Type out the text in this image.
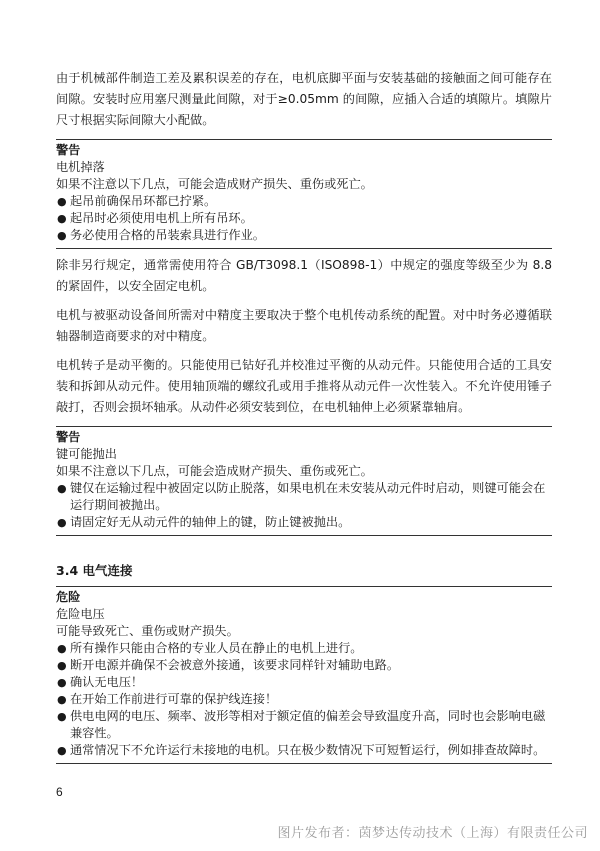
由于机械部件制造工差及累积误差的存在，电机底脚平面与安装基础的接触面之间可能存在间隙。安装时应用塞尺测量此间隙，对于≥0.05mm 的间隙，应插入合适的填隙片。填隙片尺寸根据实际间隙大小配做。

警告
电机掉落
如果不注意以下几点，可能会造成财产损失、重伤或死亡。
● 起吊前确保吊环都已拧紧。
● 起吊时必须使用电机上所有吊环。
● 务必使用合格的吊装索具进行作业。

除非另行规定，通常需使用符合 GB/T3098.1（ISO898-1）中规定的强度等级至少为 8.8 的紧固件，以安全固定电机。

电机与被驱动设备间所需对中精度主要取决于整个电机传动系统的配置。对中时务必遵循联轴器制造商要求的对中精度。

电机转子是动平衡的。只能使用已钻好孔并校准过平衡的从动元件。只能使用合适的工具安装和拆卸从动元件。使用轴顶端的螺纹孔或用手推将从动元件一次性装入。不允许使用锤子敲打，否则会损坏轴承。从动件必须安装到位，在电机轴伸上必须紧靠轴肩。

警告
键可能抛出
如果不注意以下几点，可能会造成财产损失、重伤或死亡。
● 键仅在运输过程中被固定以防止脱落，如果电机在未安装从动元件时启动，则键可能会在运行期间被抛出。
● 请固定好无从动元件的轴伸上的键，防止键被抛出。
3.4 电气连接
危险
危险电压
可能导致死亡、重伤或财产损失。
● 所有操作只能由合格的专业人员在静止的电机上进行。
● 断开电源并确保不会被意外接通，该要求同样针对辅助电路。
● 确认无电压！
● 在开始工作前进行可靠的保护线连接！
● 供电电网的电压、频率、波形等相对于额定值的偏差会导致温度升高，同时也会影响电磁兼容性。
● 通常情况下不允许运行未接地的电机。只在极少数情况下可短暂运行，例如排查故障时。
6
图片发布者：茵梦达传动技术（上海）有限责任公司
